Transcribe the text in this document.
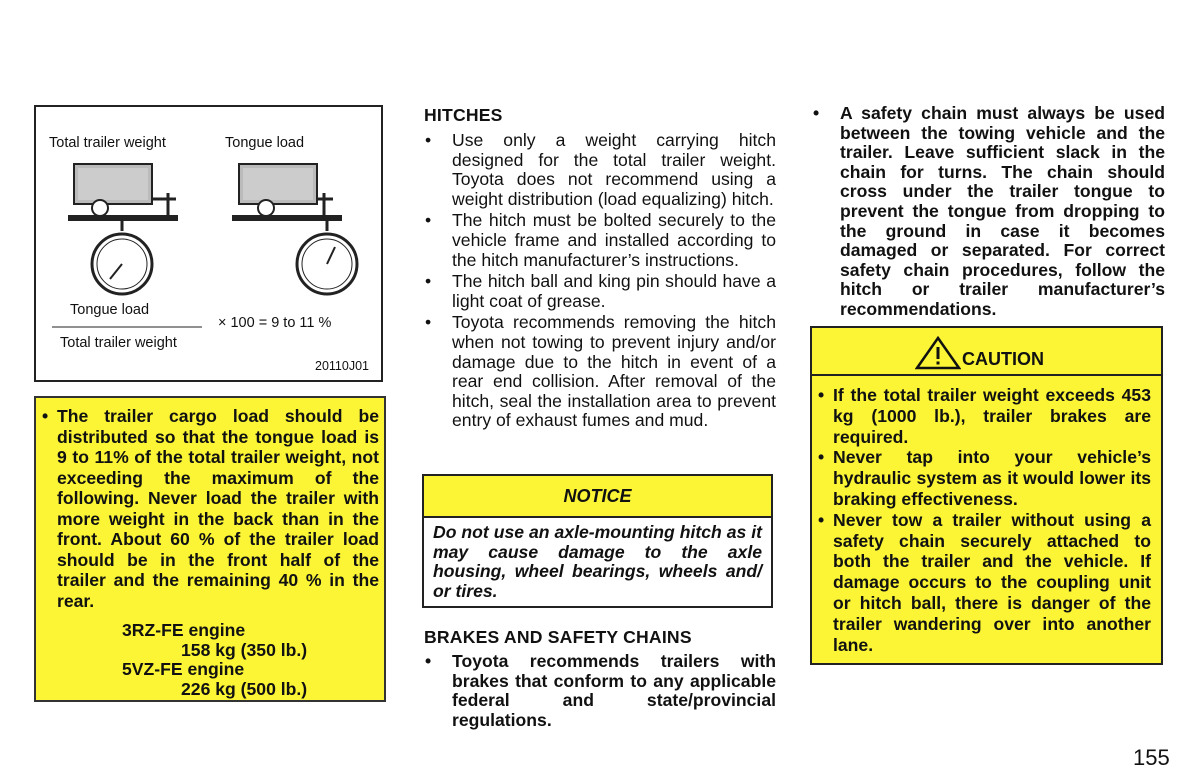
Total trailer weight	Tongue load
Tongue load
× 100 = 9 to 11 %
Total trailer weight
20110J01
• The trailer cargo load should be distributed so that the tongue load is 9 to 11% of the total trailer weight, not exceeding the maximum of the following. Never load the trailer with more weight in the back than in the front. About 60 % of the trailer load should be in the front half of the trailer and the remaining 40 % in the rear.
3RZ-FE engine
158 kg (350 lb.)
5VZ-FE engine
226 kg (500 lb.)
HITCHES
•	Use only a weight carrying hitch designed for the total trailer weight. Toyota does not recommend using a weight distribution (load equalizing) hitch.
•	The hitch must be bolted securely to the vehicle frame and installed according to the hitch manufacturer’s instructions.
•	The hitch ball and king pin should have a light coat of grease.
•	Toyota recommends removing the hitch when not towing to prevent injury and/or damage due to the hitch in event of a rear end collision. After removal of the hitch, seal the installation area to prevent entry of exhaust fumes and mud.
NOTICE
Do not use an axle-mounting hitch as it may cause damage to the axle housing, wheel bearings, wheels and/ or tires.
BRAKES AND SAFETY CHAINS
•	Toyota recommends trailers with brakes that conform to any applicable federal and state/provincial regulations.
•	A safety chain must always be used between the towing vehicle and the trailer. Leave sufficient slack in the chain for turns. The chain should cross under the trailer tongue to prevent the tongue from dropping to the ground in case it becomes damaged or separated. For correct safety chain procedures, follow the hitch or trailer manufacturer’s recommendations.
CAUTION
• If the total trailer weight exceeds 453 kg (1000 lb.), trailer brakes are required.
• Never tap into your vehicle’s hydraulic system as it would lower its braking effectiveness.
• Never tow a trailer without using a safety chain securely attached to both the trailer and the vehicle. If damage occurs to the coupling unit or hitch ball, there is danger of the trailer wandering over into another lane.
155
